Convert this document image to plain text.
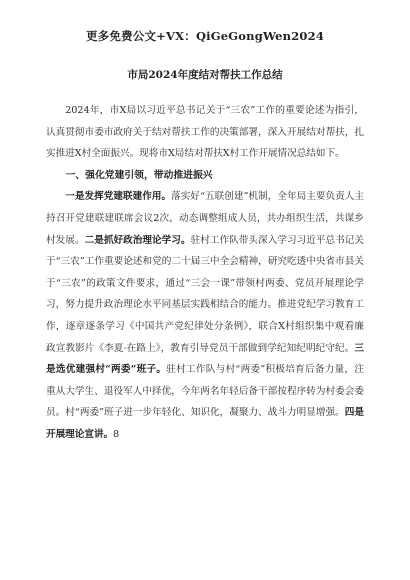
更多免费公文+VX：QiGeGongWen2024
市局2024年度结对帮扶工作总结

2024年，市X局以习近平总书记关于“三农”工作的重要论述为指引，认真贯彻市委市政府关于结对帮扶工作的决策部署，深入开展结对帮扶，扎实推进X村全面振兴。现将市X局结对帮扶X村工作开展情况总结如下。

一、强化党建引领，带动推进振兴

一是发挥党建联建作用。落实好“五联创建”机制，全年局主要负责人主持召开党建联建联席会议2次，动态调整组成人员，共办组织生活，共谋乡村发展。二是抓好政治理论学习。驻村工作队带头深入学习习近平总书记关于“三农”工作重要论述和党的二十届三中全会精神，研究吃透中央省市县关于“三农”的政策文件要求，通过“三会一课”带领村两委、党员开展理论学习，努力提升政治理论水平同基层实践相结合的能力。推进党纪学习教育工作，逐章逐条学习《中国共产党纪律处分条例》，联合X村组织集中观看廉政宣教影片《李夏·在路上》，教育引导党员干部做到学纪知纪明纪守纪。三是选优建强村“两委”班子。驻村工作队与村“两委”积极培育后备力量，注重从大学生、退役军人中择优，今年两名年轻后备干部按程序转为村委会委员。村“两委”班子进一步年轻化、知识化，凝聚力、战斗力明显增强。四是开展理论宣讲。8
